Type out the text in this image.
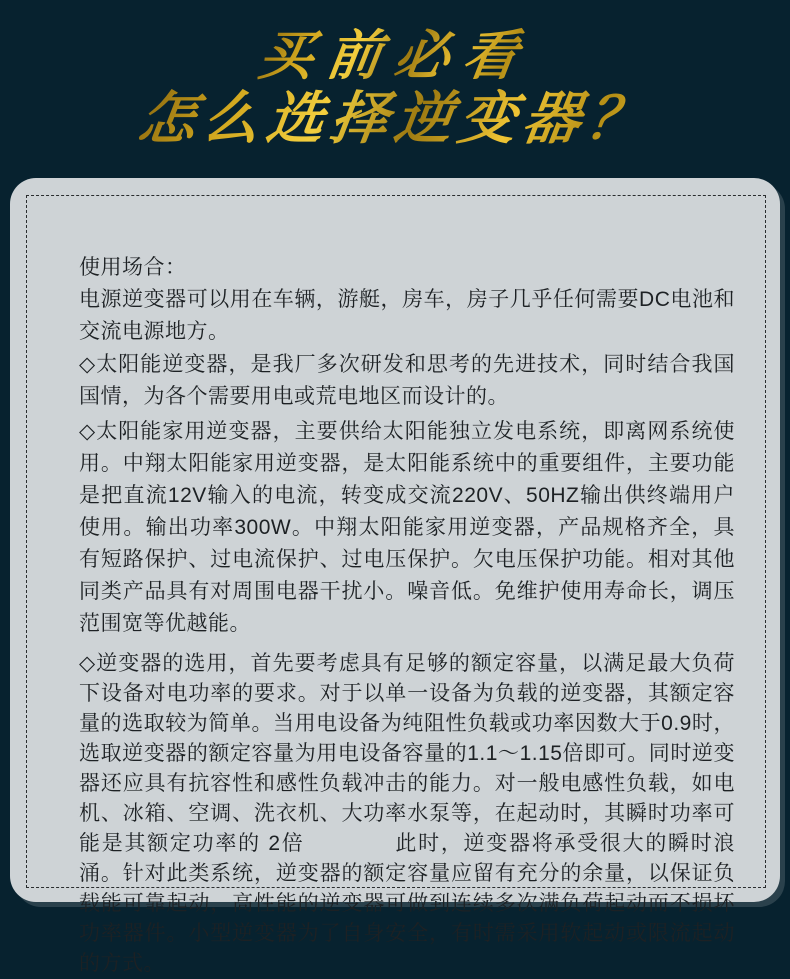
买前必看
怎么选择逆变器？

使用场合：

电源逆变器可以用在车辆，游艇，房车，房子几乎任何需要DC电池和交流电源地方。

◇太阳能逆变器，是我厂多次研发和思考的先进技术，同时结合我国国情，为各个需要用电或荒电地区而设计的。

◇太阳能家用逆变器，主要供给太阳能独立发电系统，即离网系统使用。中翔太阳能家用逆变器，是太阳能系统中的重要组件，主要功能是把直流12V输入的电流，转变成交流220V、50HZ输出供终端用户使用。输出功率300W。中翔太阳能家用逆变器，产品规格齐全，具有短路保护、过电流保护、过电压保护。欠电压保护功能。相对其他同类产品具有对周围电器干扰小。噪音低。免维护使用寿命长，调压范围宽等优越能。

◇逆变器的选用，首先要考虑具有足够的额定容量，以满足最大负荷下设备对电功率的要求。对于以单一设备为负载的逆变器，其额定容量的选取较为简单。当用电设备为纯阻性负载或功率因数大于0.9时，选取逆变器的额定容量为用电设备容量的1.1～1.15倍即可。同时逆变器还应具有抗容性和感性负载冲击的能力。对一般电感性负载，如电机、冰箱、空调、洗衣机、大功率水泵等，在起动时，其瞬时功率可能是其额定功率的 2倍　　　　此时，逆变器将承受很大的瞬时浪涌。针对此类系统，逆变器的额定容量应留有充分的余量，以保证负载能可靠起动，高性能的逆变器可做到连续多次满负荷起动而不损坏功率器件。小型逆变器为了自身安全，有时需采用软起动或限流起动的方式。
